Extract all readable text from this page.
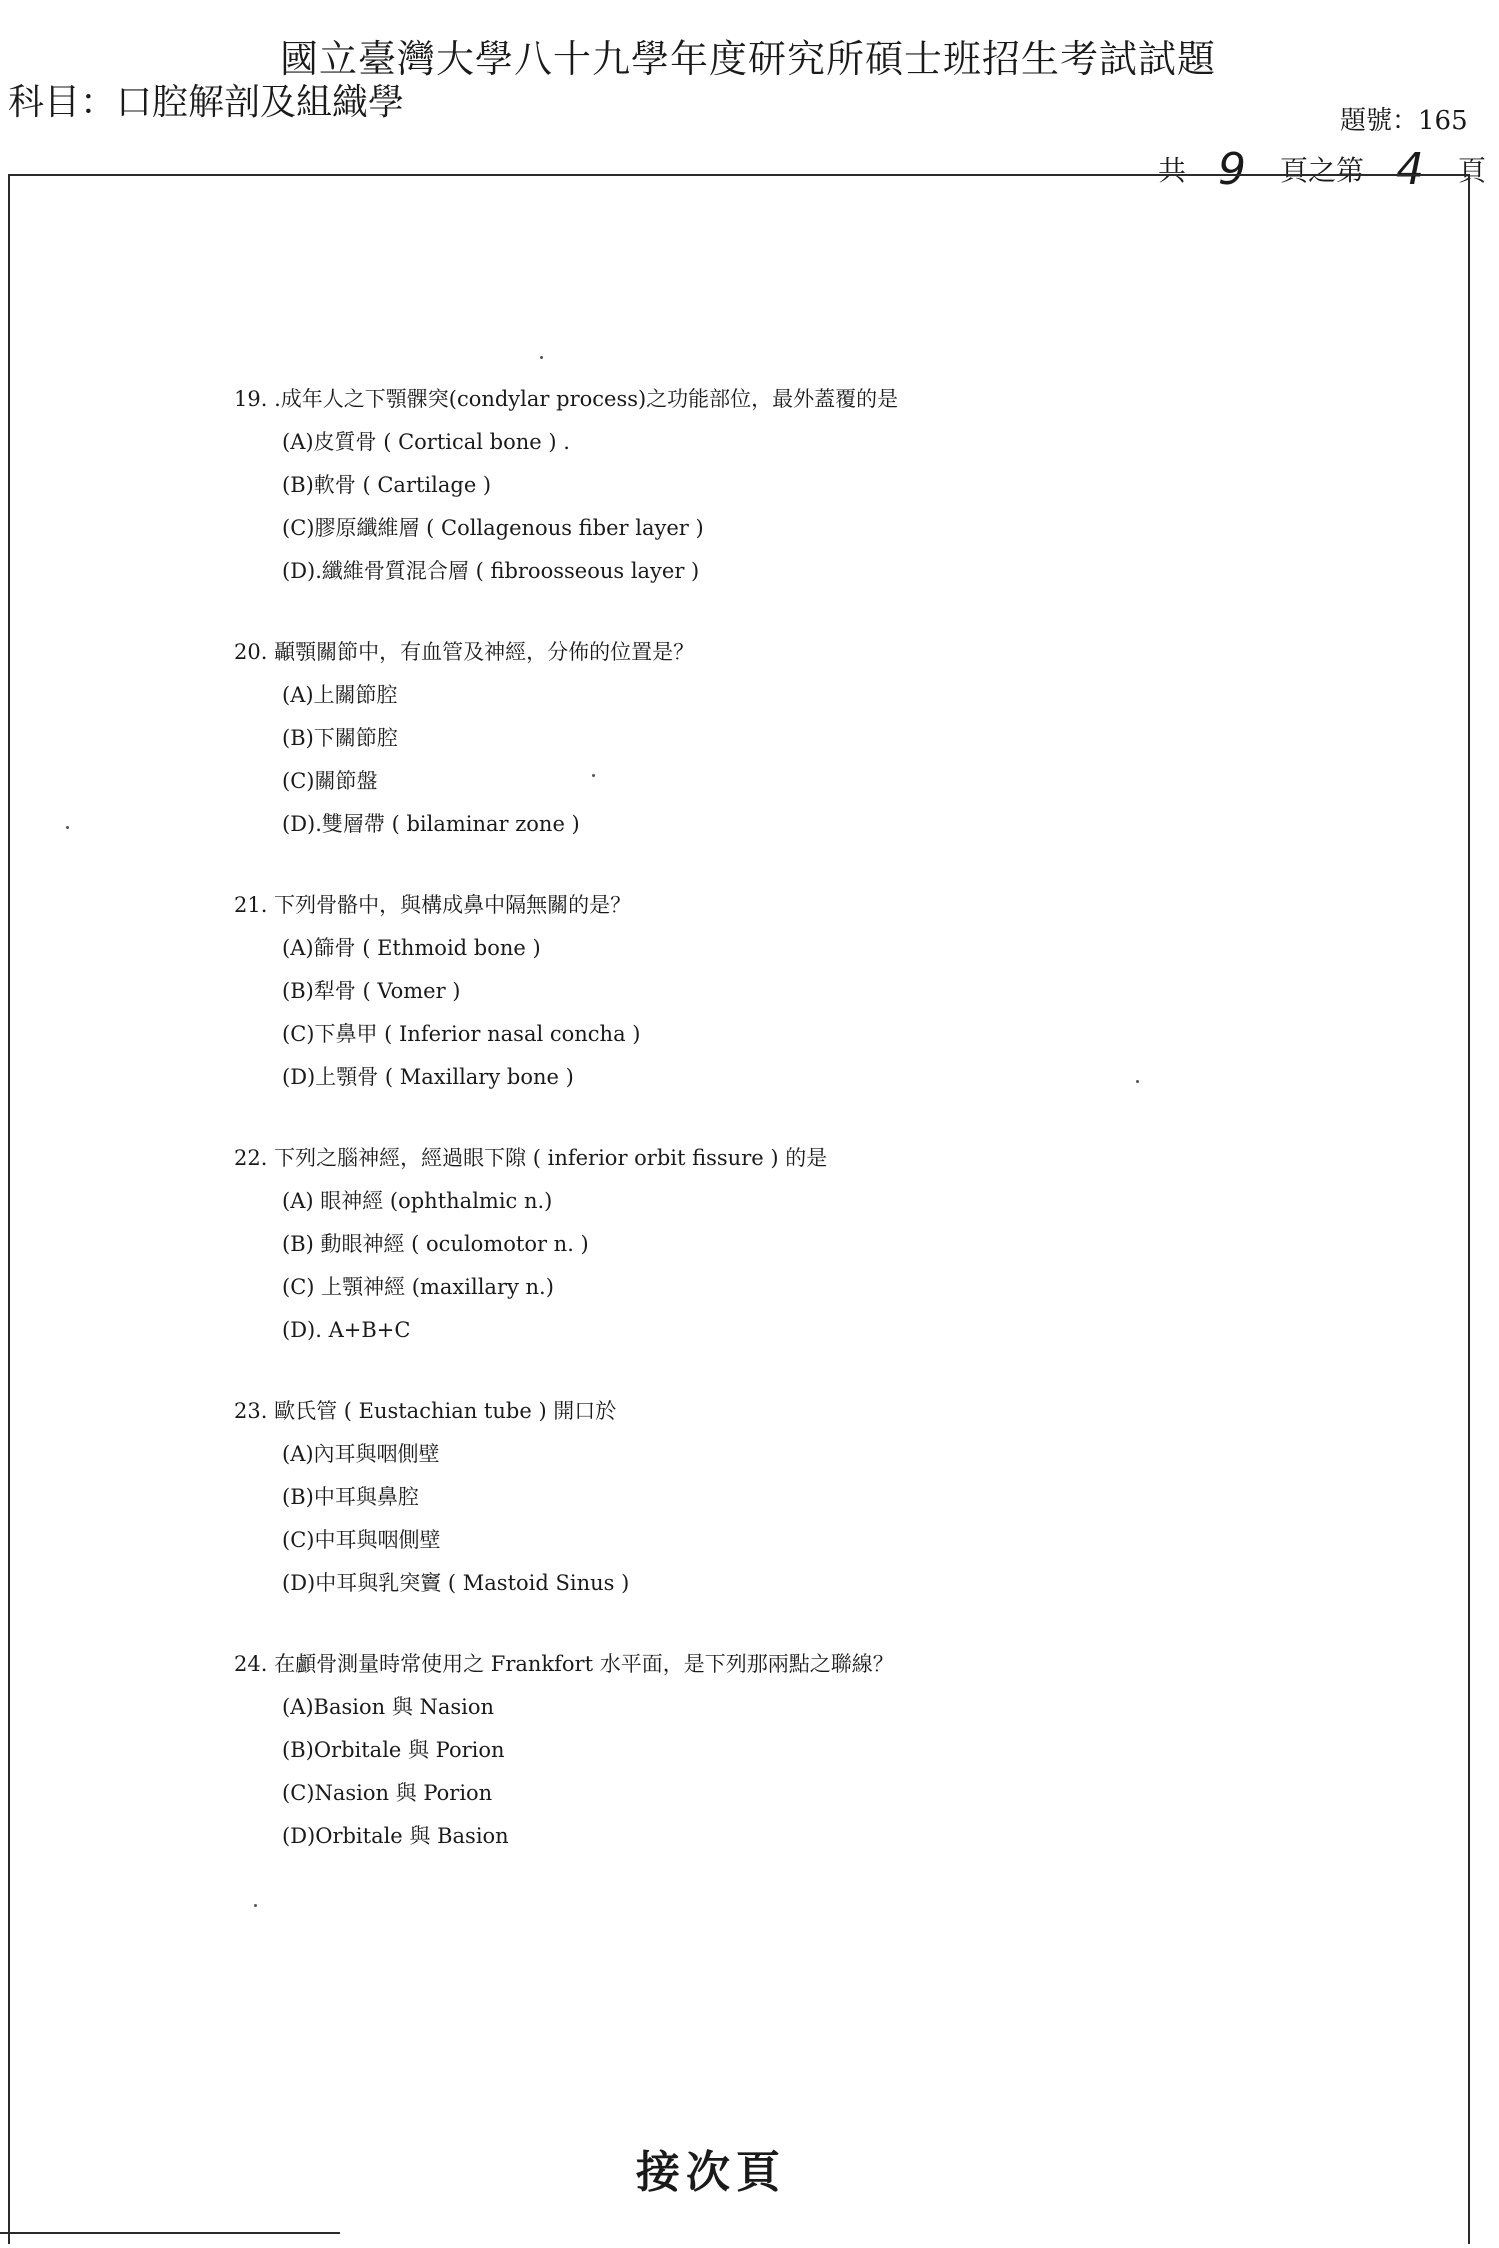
國立臺灣大學八十九學年度研究所碩士班招生考試試題
科目：口腔解剖及組織學	題號：165
共 9 頁之第 4 頁
19. .成年人之下顎髁突(condylar process)之功能部位，最外蓋覆的是
(A)皮質骨 ( Cortical bone ) .
(B)軟骨 ( Cartilage )
(C)膠原纖維層 ( Collagenous fiber layer )
(D).纖維骨質混合層 ( fibroosseous layer )
20. 顳顎關節中，有血管及神經，分佈的位置是？
(A)上關節腔
(B)下關節腔
(C)關節盤
(D).雙層帶 ( bilaminar zone )
21. 下列骨骼中，與構成鼻中隔無關的是？
(A)篩骨 ( Ethmoid bone )
(B)犁骨 ( Vomer )
(C)下鼻甲 ( Inferior nasal concha )
(D)上顎骨 ( Maxillary bone )
22. 下列之腦神經，經過眼下隙 ( inferior orbit fissure ) 的是
(A) 眼神經 (ophthalmic n.)
(B) 動眼神經 ( oculomotor n. )
(C) 上顎神經 (maxillary n.)
(D). A+B+C
23. 歐氏管 ( Eustachian tube ) 開口於
(A)內耳與咽側壁
(B)中耳與鼻腔
(C)中耳與咽側壁
(D)中耳與乳突竇 ( Mastoid Sinus )
24. 在顱骨測量時常使用之 Frankfort 水平面，是下列那兩點之聯線？
(A)Basion 與 Nasion
(B)Orbitale 與 Porion
(C)Nasion 與 Porion
(D)Orbitale 與 Basion
接次頁
